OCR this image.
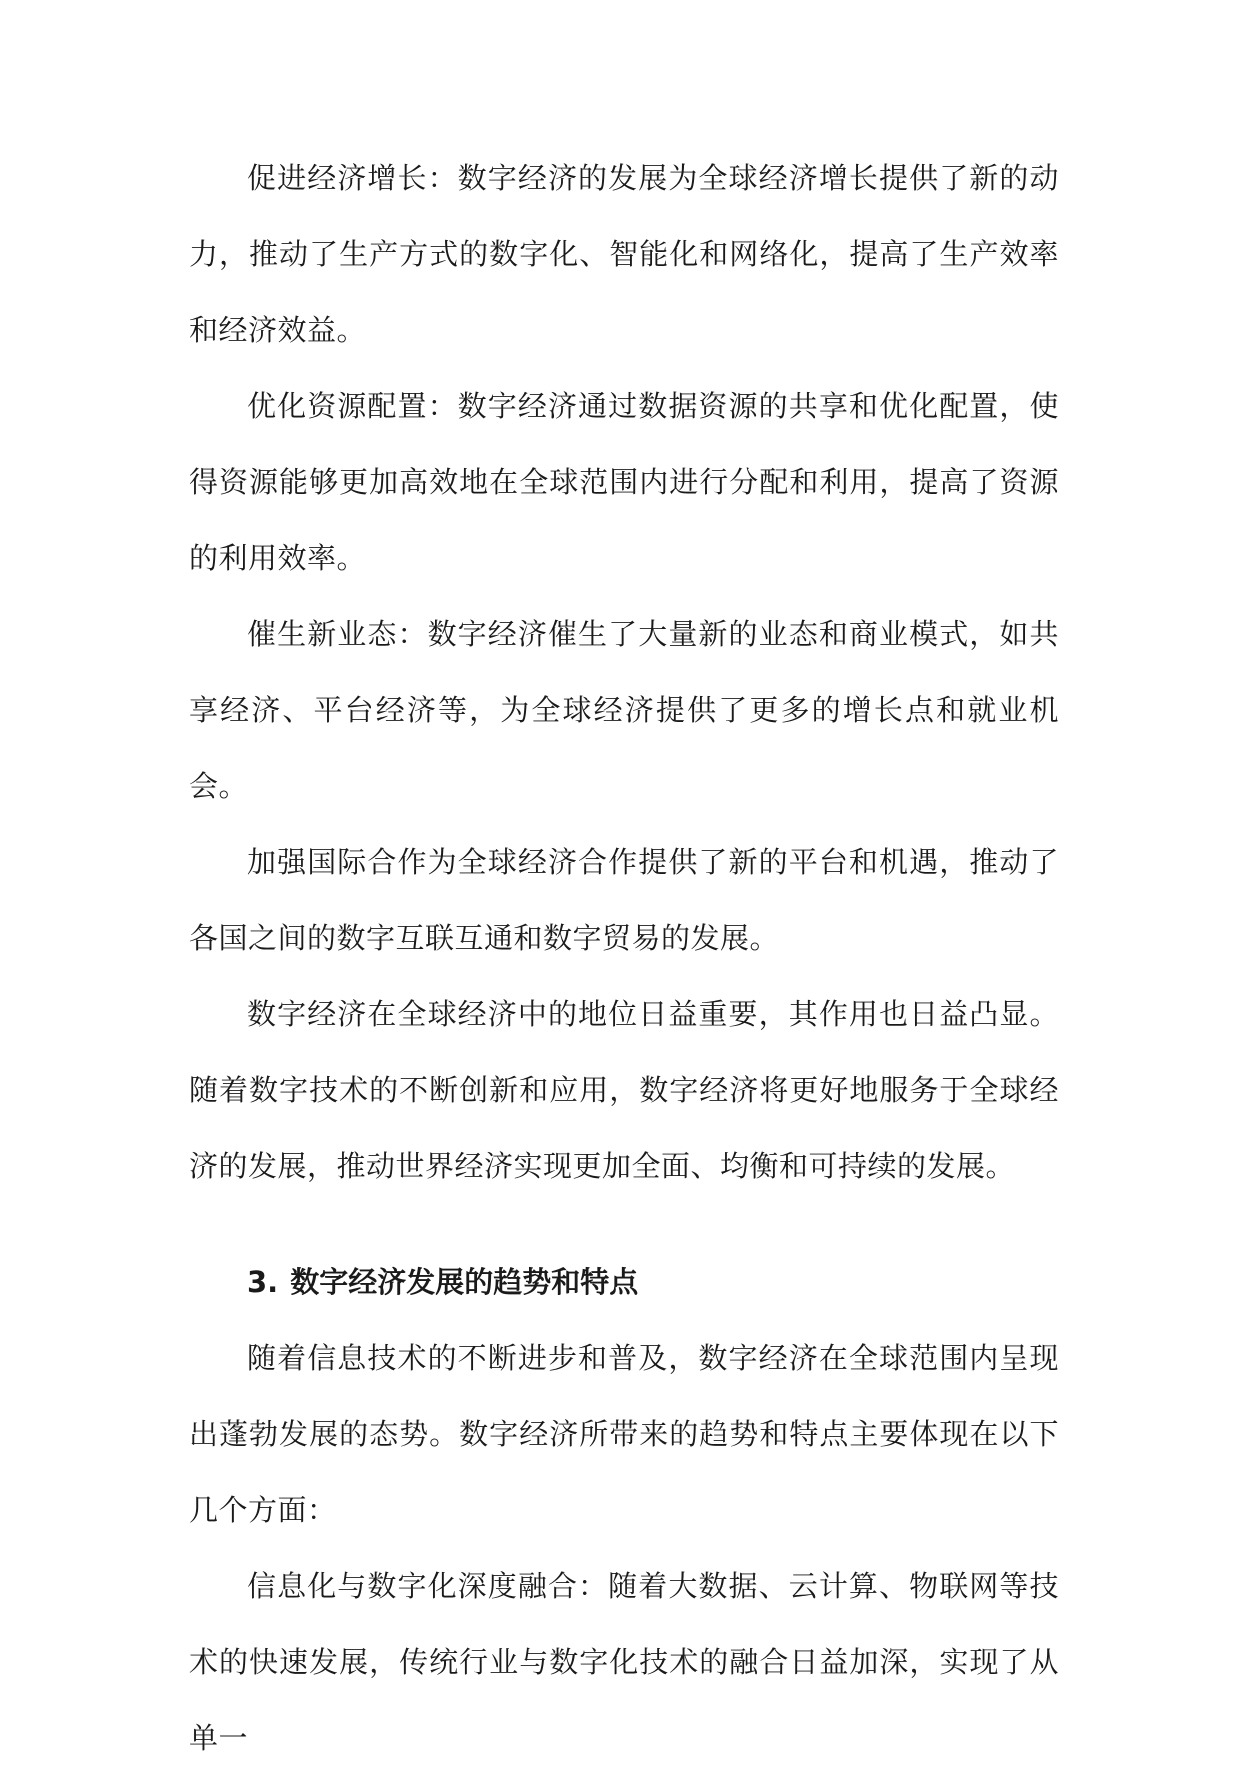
促进经济增长：数字经济的发展为全球经济增长提供了新的动力，推动了生产方式的数字化、智能化和网络化，提高了生产效率和经济效益。

优化资源配置：数字经济通过数据资源的共享和优化配置，使得资源能够更加高效地在全球范围内进行分配和利用，提高了资源的利用效率。

催生新业态：数字经济催生了大量新的业态和商业模式，如共享经济、平台经济等，为全球经济提供了更多的增长点和就业机会。

加强国际合作为全球经济合作提供了新的平台和机遇，推动了各国之间的数字互联互通和数字贸易的发展。

数字经济在全球经济中的地位日益重要，其作用也日益凸显。随着数字技术的不断创新和应用，数字经济将更好地服务于全球经济的发展，推动世界经济实现更加全面、均衡和可持续的发展。

3. 数字经济发展的趋势和特点

随着信息技术的不断进步和普及，数字经济在全球范围内呈现出蓬勃发展的态势。数字经济所带来的趋势和特点主要体现在以下几个方面：

信息化与数字化深度融合：随着大数据、云计算、物联网等技术的快速发展，传统行业与数字化技术的融合日益加深，实现了从单一
